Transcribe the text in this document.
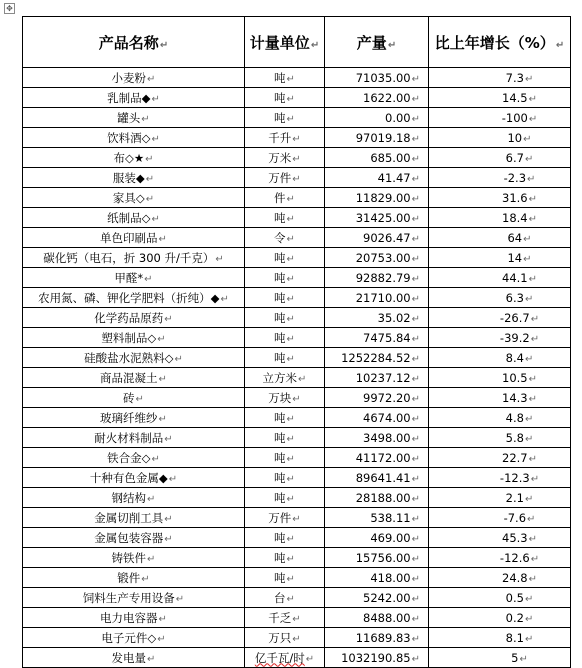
✥
产品名称↵	计量单位↵	产量↵	比上年增长（%）↵
小麦粉↵	吨↵	71035.00↵	7.3↵
乳制品◆↵	吨↵	1622.00↵	14.5↵
罐头↵	吨↵	0.00↵	-100↵
饮料酒◇↵	千升↵	97019.18↵	10↵
布◇★↵	万米↵	685.00↵	6.7↵
服装◆↵	万件↵	41.47↵	-2.3↵
家具◇↵	件↵	11829.00↵	31.6↵
纸制品◇↵	吨↵	31425.00↵	18.4↵
单色印刷品↵	令↵	9026.47↵	64↵
碳化钙（电石，折 300 升/千克）↵	吨↵	20753.00↵	14↵
甲醛*↵	吨↵	92882.79↵	44.1↵
农用氮、磷、钾化学肥料（折纯）◆↵	吨↵	21710.00↵	6.3↵
化学药品原药↵	吨↵	35.02↵	-26.7↵
塑料制品◇↵	吨↵	7475.84↵	-39.2↵
硅酸盐水泥熟料◇↵	吨↵	1252284.52↵	8.4↵
商品混凝土↵	立方米↵	10237.12↵	10.5↵
砖↵	万块↵	9972.20↵	14.3↵
玻璃纤维纱↵	吨↵	4674.00↵	4.8↵
耐火材料制品↵	吨↵	3498.00↵	5.8↵
铁合金◇↵	吨↵	41172.00↵	22.7↵
十种有色金属◆↵	吨↵	89641.41↵	-12.3↵
钢结构↵	吨↵	28188.00↵	2.1↵
金属切削工具↵	万件↵	538.11↵	-7.6↵
金属包装容器↵	吨↵	469.00↵	45.3↵
铸铁件↵	吨↵	15756.00↵	-12.6↵
锻件↵	吨↵	418.00↵	24.8↵
饲料生产专用设备↵	台↵	5242.00↵	0.5↵
电力电容器↵	千乏↵	8488.00↵	0.2↵
电子元件◇↵	万只↵	11689.83↵	8.1↵
发电量↵	亿千瓦/时↵	1032190.85↵	5↵
